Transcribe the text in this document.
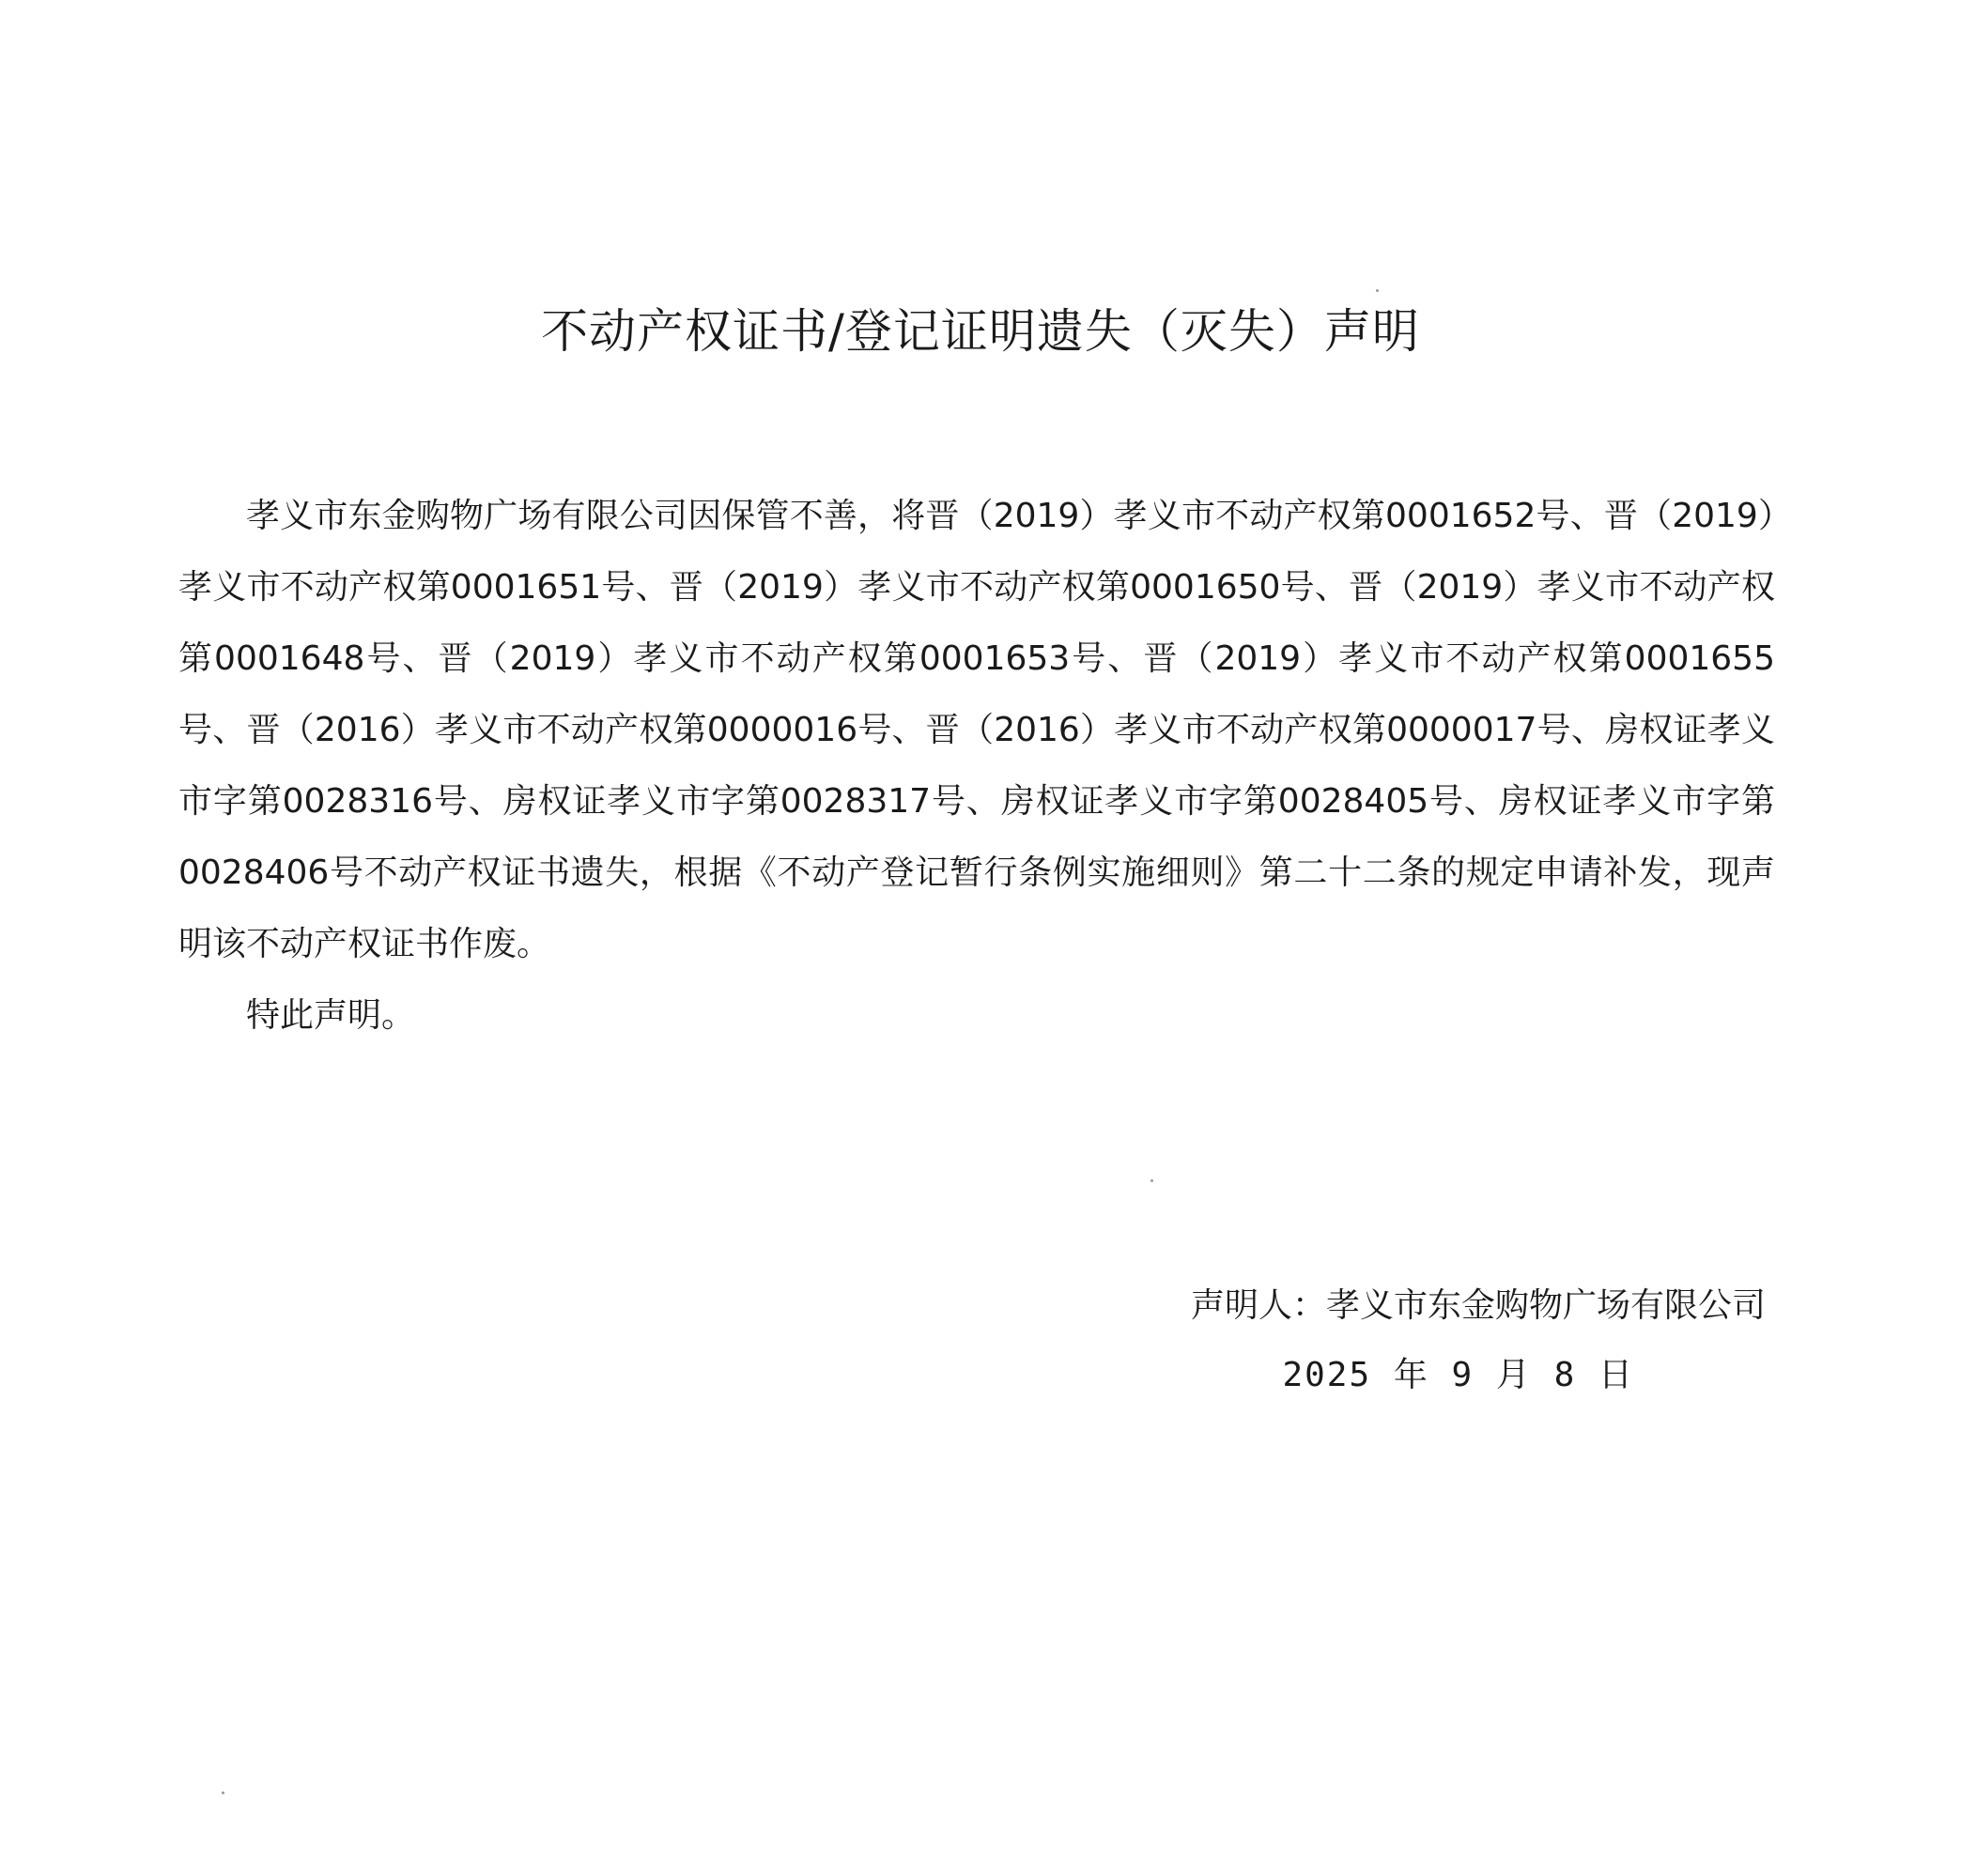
不动产权证书/登记证明遗失（灭失）声明

孝义市东金购物广场有限公司因保管不善，将晋（2019）孝义市不动产权第0001652号、晋（2019）孝义市不动产权第0001651号、晋（2019）孝义市不动产权第0001650号、晋（2019）孝义市不动产权第0001648号、晋（2019）孝义市不动产权第0001653号、晋（2019）孝义市不动产权第0001655号、晋（2016）孝义市不动产权第0000016号、晋（2016）孝义市不动产权第0000017号、房权证孝义市字第0028316号、房权证孝义市字第0028317号、房权证孝义市字第0028405号、房权证孝义市字第0028406号不动产权证书遗失，根据《不动产登记暂行条例实施细则》第二十二条的规定申请补发，现声明该不动产权证书作废。

特此声明。

声明人：孝义市东金购物广场有限公司

2025 年 9 月 8 日
